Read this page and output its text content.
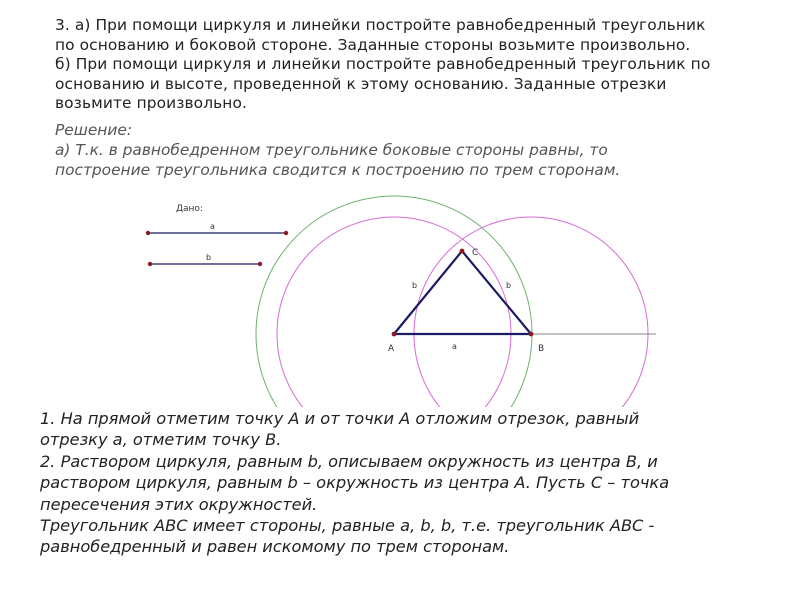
3. а) При помощи циркуля и линейки постройте равнобедренный треугольник

по основанию и боковой стороне. Заданные стороны возьмите произвольно.

б) При помощи циркуля и линейки постройте равнобедренный треугольник по

основанию и высоте, проведенной к этому основанию. Заданные отрезки

возьмите произвольно.

Решение:

а) Т.к. в равнобедренном треугольнике боковые стороны равны, то

построение треугольника сводится к построению по трем сторонам.

Дано:
a
b
A	B
C
a
b	b

1. На прямой отметим точку A и от точки A отложим отрезок, равный

отрезку a, отметим точку B.

2. Раствором циркуля, равным b, описываем окружность из центра B, и

раствором циркуля, равным b – окружность из центра A. Пусть C – точка

пересечения этих окружностей.

Треугольник ABC имеет стороны, равные a, b, b, т.е. треугольник ABC -

равнобедренный и равен искомому по трем сторонам.
